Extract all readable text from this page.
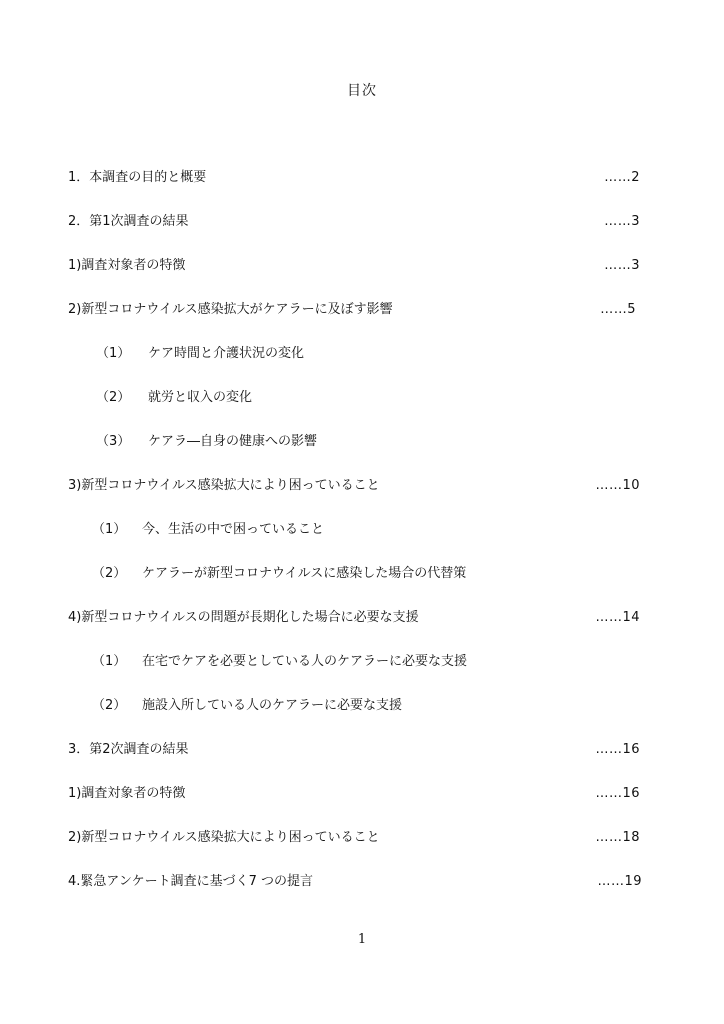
目次
1．本調査の目的と概要	……2
2．第1次調査の結果	……3
1)調査対象者の特徴	……3
2)新型コロナウイルス感染拡大がケアラーに及ぼす影響	……5
（1） ケア時間と介護状況の変化
（2） 就労と収入の変化
（3） ケアラ―自身の健康への影響
3)新型コロナウイルス感染拡大により困っていること	……10
（1） 今、生活の中で困っていること
（2） ケアラーが新型コロナウイルスに感染した場合の代替策
4)新型コロナウイルスの問題が長期化した場合に必要な支援	……14
（1） 在宅でケアを必要としている人のケアラーに必要な支援
（2） 施設入所している人のケアラーに必要な支援
3．第2次調査の結果	……16
1)調査対象者の特徴	……16
2)新型コロナウイルス感染拡大により困っていること	……18
4.緊急アンケート調査に基づく7 つの提言	……19
1
